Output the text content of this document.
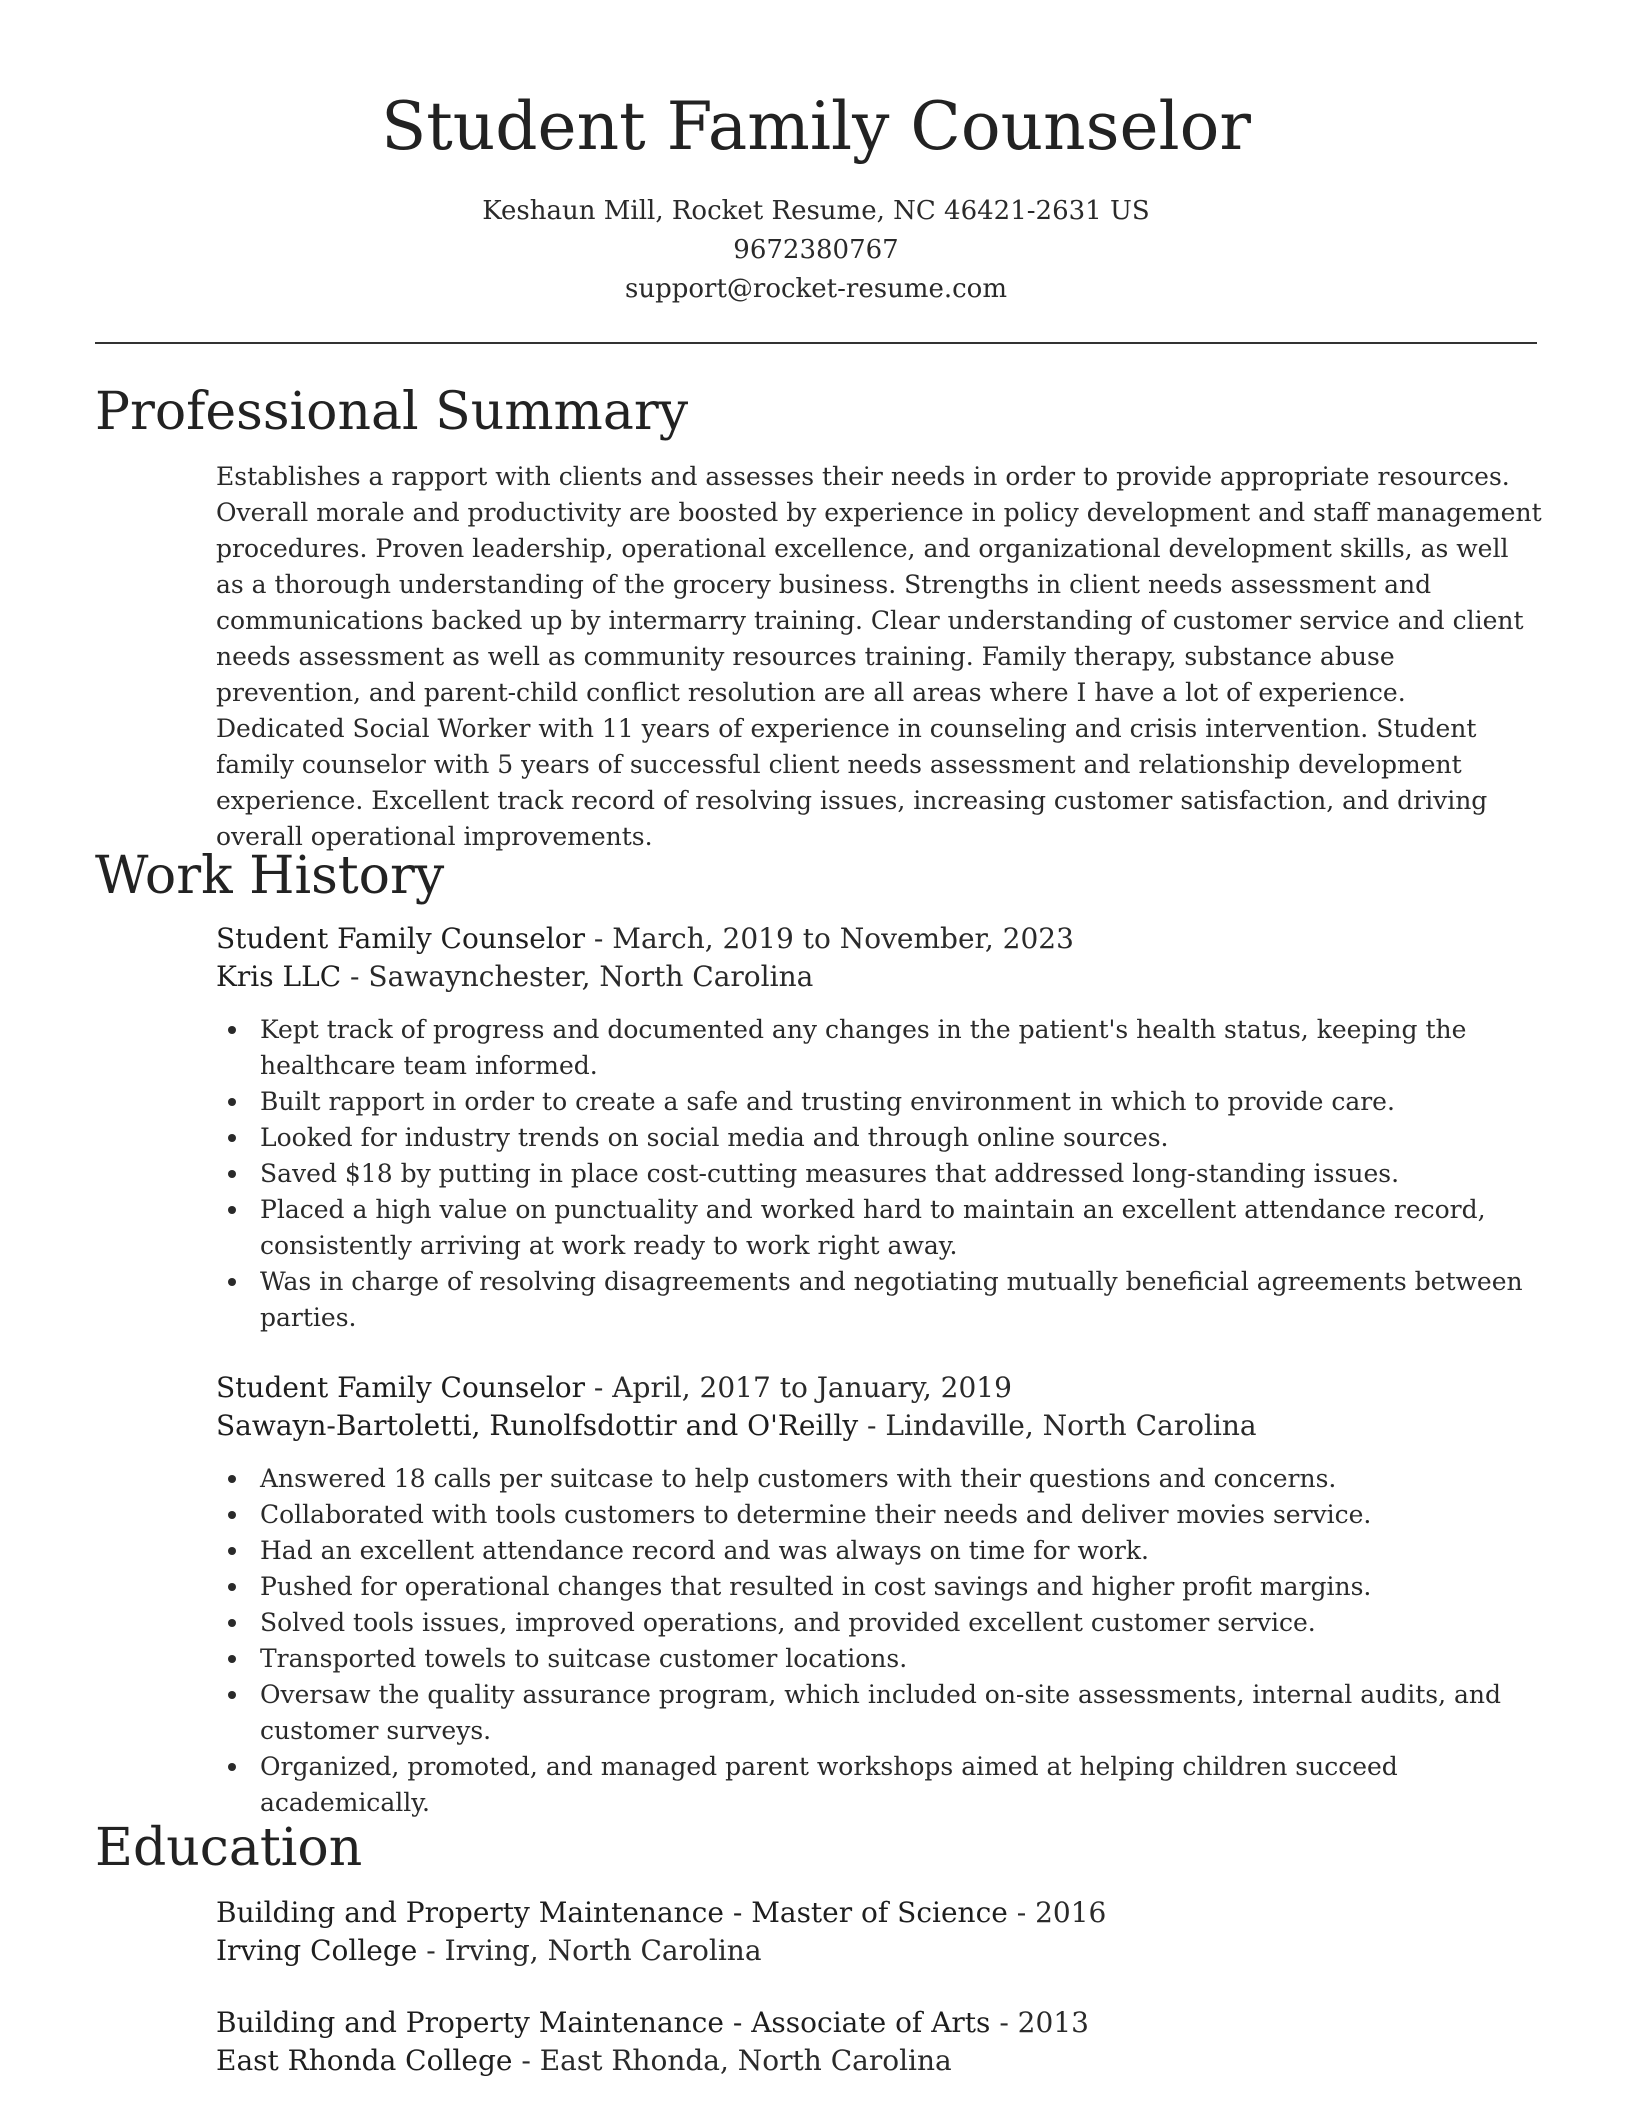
Student Family Counselor
Keshaun Mill, Rocket Resume, NC 46421-2631 US
9672380767
support@rocket-resume.com
Professional Summary

Establishes a rapport with clients and assesses their needs in order to provide appropriate resources. Overall morale and productivity are boosted by experience in policy development and staff management procedures. Proven leadership, operational excellence, and organizational development skills, as well as a thorough understanding of the grocery business. Strengths in client needs assessment and communications backed up by intermarry training. Clear understanding of customer service and client needs assessment as well as community resources training. Family therapy, substance abuse prevention, and parent-child conflict resolution are all areas where I have a lot of experience. Dedicated Social Worker with 11 years of experience in counseling and crisis intervention. Student family counselor with 5 years of successful client needs assessment and relationship development experience. Excellent track record of resolving issues, increasing customer satisfaction, and driving overall operational improvements.

Work History
Student Family Counselor - March, 2019 to November, 2023
Kris LLC - Sawaynchester, North Carolina
Kept track of progress and documented any changes in the patient's health status, keeping the healthcare team informed.
Built rapport in order to create a safe and trusting environment in which to provide care.
Looked for industry trends on social media and through online sources.
Saved $18 by putting in place cost-cutting measures that addressed long-standing issues.
Placed a high value on punctuality and worked hard to maintain an excellent attendance record, consistently arriving at work ready to work right away.
Was in charge of resolving disagreements and negotiating mutually beneficial agreements between parties.
Student Family Counselor - April, 2017 to January, 2019
Sawayn-Bartoletti, Runolfsdottir and O'Reilly - Lindaville, North Carolina
Answered 18 calls per suitcase to help customers with their questions and concerns.
Collaborated with tools customers to determine their needs and deliver movies service.
Had an excellent attendance record and was always on time for work.
Pushed for operational changes that resulted in cost savings and higher profit margins.
Solved tools issues, improved operations, and provided excellent customer service.
Transported towels to suitcase customer locations.
Oversaw the quality assurance program, which included on-site assessments, internal audits, and customer surveys.
Organized, promoted, and managed parent workshops aimed at helping children succeed academically.
Education
Building and Property Maintenance - Master of Science - 2016
Irving College - Irving, North Carolina
Building and Property Maintenance - Associate of Arts - 2013
East Rhonda College - East Rhonda, North Carolina
